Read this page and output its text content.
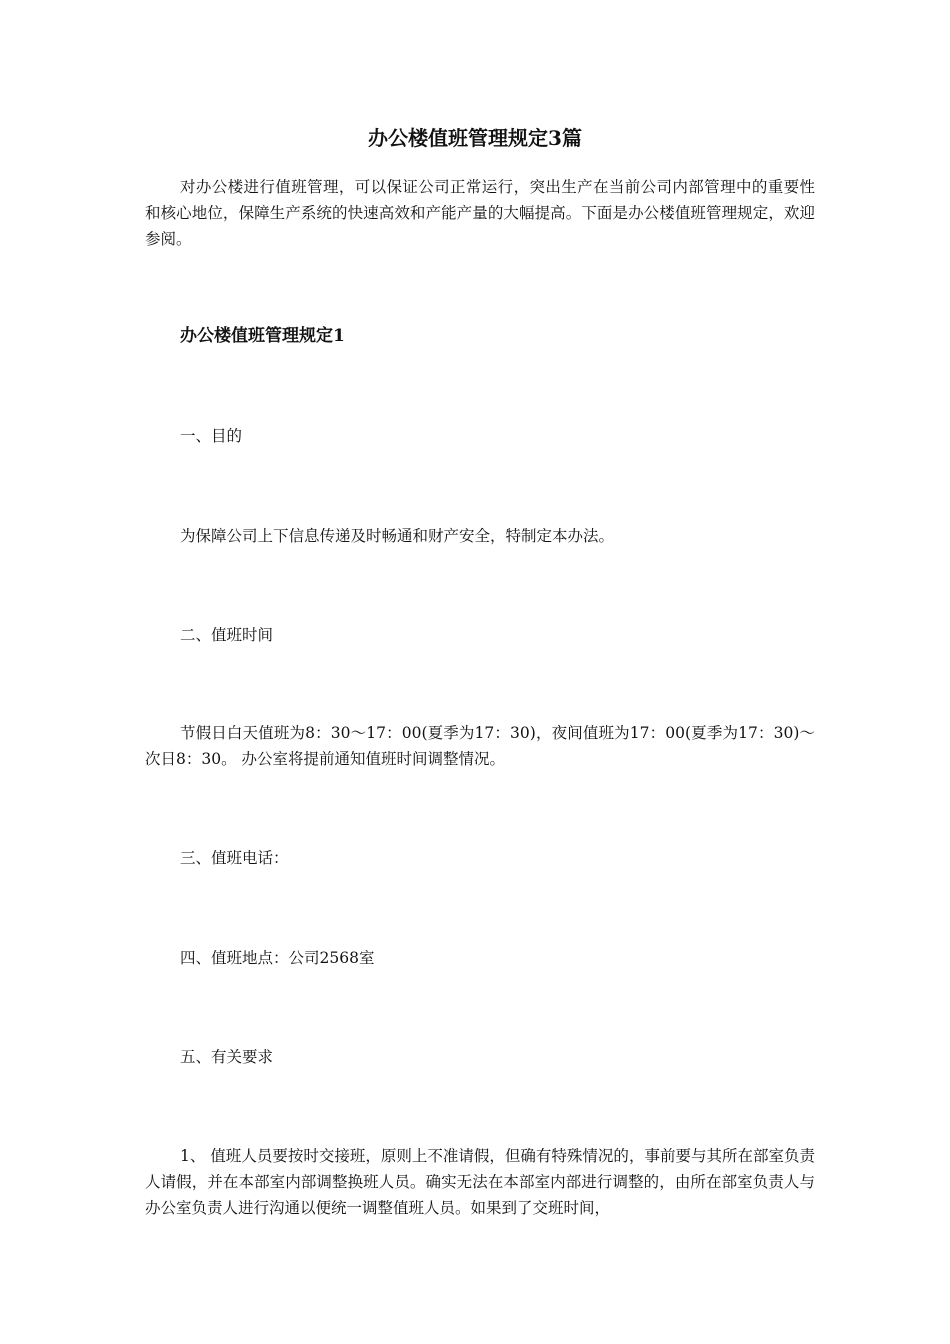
办公楼值班管理规定3篇

对办公楼进行值班管理，可以保证公司正常运行，突出生产在当前公司内部管理中的重要性和核心地位，保障生产系统的快速高效和产能产量的大幅提高。下面是办公楼值班管理规定，欢迎参阅。

办公楼值班管理规定1
一、目的
为保障公司上下信息传递及时畅通和财产安全，特制定本办法。
二、值班时间

节假日白天值班为8：30～17：00(夏季为17：30)，夜间值班为17：00(夏季为17：30)～次日8：30。 办公室将提前通知值班时间调整情况。

三、值班电话：
四、值班地点：公司2568室
五、有关要求

1、 值班人员要按时交接班，原则上不准请假，但确有特殊情况的，事前要与其所在部室负责人请假，并在本部室内部调整换班人员。确实无法在本部室内部进行调整的，由所在部室负责人与办公室负责人进行沟通以便统一调整值班人员。如果到了交班时间，
